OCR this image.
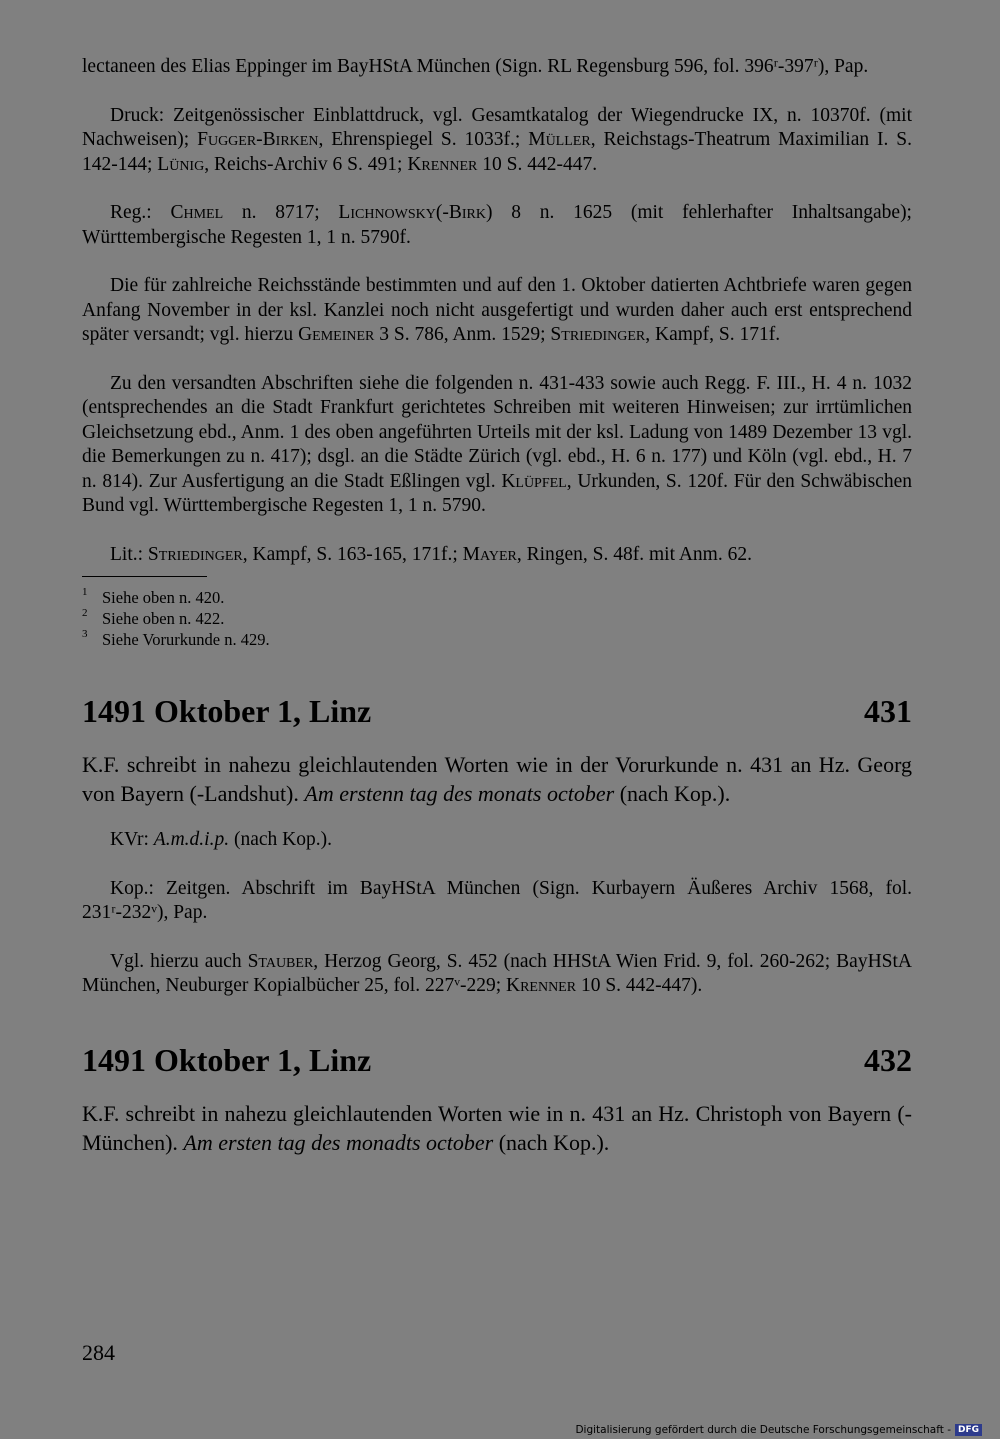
lectaneen des Elias Eppinger im BayHStA München (Sign. RL Regensburg 596, fol. 396ʳ-397ʳ), Pap.

Druck: Zeitgenössischer Einblattdruck, vgl. Gesamtkatalog der Wiegendrucke IX, n. 10370f. (mit Nachweisen); Fugger-Birken, Ehrenspiegel S. 1033f.; Müller, Reichstags-Theatrum Maximilian I. S. 142-144; Lünig, Reichs-Archiv 6 S. 491; Krenner 10 S. 442-447.

Reg.: Chmel n. 8717; Lichnowsky(-Birk) 8 n. 1625 (mit fehlerhafter Inhaltsangabe); Württembergische Regesten 1, 1 n. 5790f.

Die für zahlreiche Reichsstände bestimmten und auf den 1. Oktober datierten Achtbriefe waren gegen Anfang November in der ksl. Kanzlei noch nicht ausgefertigt und wurden daher auch erst entsprechend später versandt; vgl. hierzu Gemeiner 3 S. 786, Anm. 1529; Striedinger, Kampf, S. 171f.

Zu den versandten Abschriften siehe die folgenden n. 431-433 sowie auch Regg. F. III., H. 4 n. 1032 (entsprechendes an die Stadt Frankfurt gerichtetes Schreiben mit weiteren Hinweisen; zur irrtümlichen Gleichsetzung ebd., Anm. 1 des oben angeführten Urteils mit der ksl. Ladung von 1489 Dezember 13 vgl. die Bemerkungen zu n. 417); dsgl. an die Städte Zürich (vgl. ebd., H. 6 n. 177) und Köln (vgl. ebd., H. 7 n. 814). Zur Ausfertigung an die Stadt Eßlingen vgl. Klüpfel, Urkunden, S. 120f. Für den Schwäbischen Bund vgl. Württembergische Regesten 1, 1 n. 5790.

Lit.: Striedinger, Kampf, S. 163-165, 171f.; Mayer, Ringen, S. 48f. mit Anm. 62.

1 Siehe oben n. 420.
2 Siehe oben n. 422.
3 Siehe Vorurkunde n. 429.
1491 Oktober 1, Linz	431

K.F. schreibt in nahezu gleichlautenden Worten wie in der Vorurkunde n. 431 an Hz. Georg von Bayern (-Landshut). Am erstenn tag des monats october (nach Kop.).

KVr: A.m.d.i.p. (nach Kop.).

Kop.: Zeitgen. Abschrift im BayHStA München (Sign. Kurbayern Äußeres Archiv 1568, fol. 231ʳ-232ᵛ), Pap.

Vgl. hierzu auch Stauber, Herzog Georg, S. 452 (nach HHStA Wien Frid. 9, fol. 260-262; BayHStA München, Neuburger Kopialbücher 25, fol. 227ᵛ-229; Krenner 10 S. 442-447).

1491 Oktober 1, Linz	432

K.F. schreibt in nahezu gleichlautenden Worten wie in n. 431 an Hz. Christoph von Bayern (-München). Am ersten tag des monadts october (nach Kop.).

284
Digitalisierung gefördert durch die Deutsche Forschungsgemeinschaft - DFG
